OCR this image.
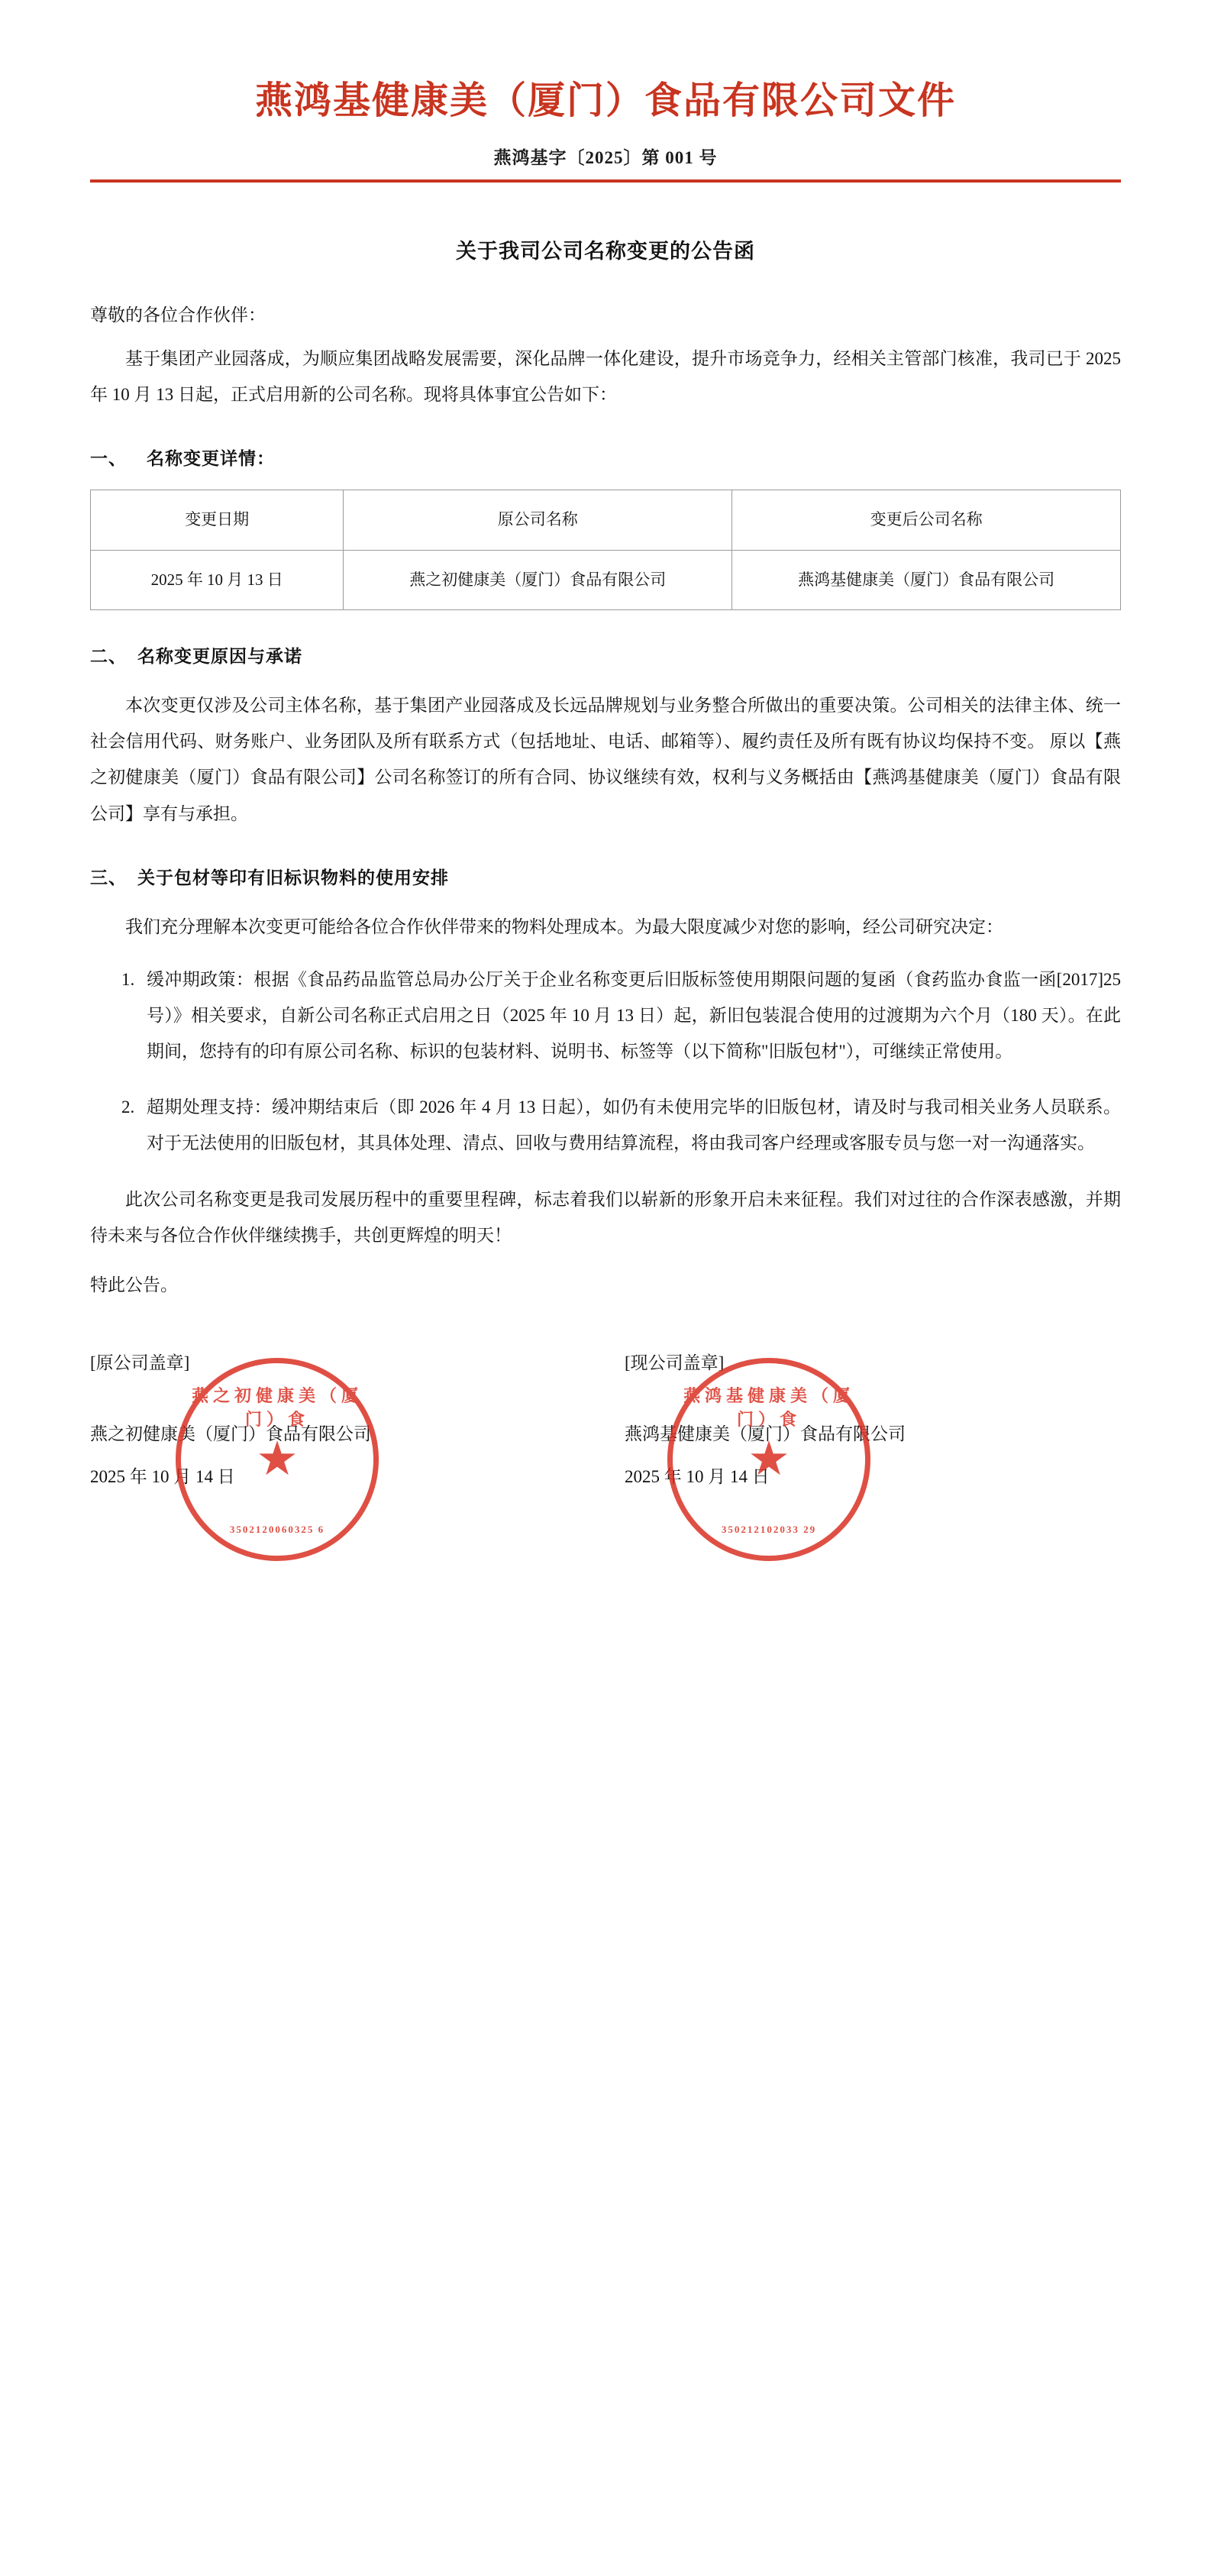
燕鸿基健康美（厦门）食品有限公司文件
燕鸿基字〔2025〕第 001 号
关于我司公司名称变更的公告函

尊敬的各位合作伙伴：

基于集团产业园落成，为顺应集团战略发展需要，深化品牌一体化建设，提升市场竞争力，经相关主管部门核准，我司已于 2025 年 10 月 13 日起，正式启用新的公司名称。现将具体事宜公告如下：

一、 名称变更详情：
变更日期	原公司名称	变更后公司名称
2025 年 10 月 13 日	燕之初健康美（厦门）食品有限公司	燕鸿基健康美（厦门）食品有限公司
二、 名称变更原因与承诺

本次变更仅涉及公司主体名称，基于集团产业园落成及长远品牌规划与业务整合所做出的重要决策。公司相关的法律主体、统一社会信用代码、财务账户、业务团队及所有联系方式（包括地址、电话、邮箱等）、履约责任及所有既有协议均保持不变。 原以【燕之初健康美（厦门）食品有限公司】公司名称签订的所有合同、协议继续有效，权利与义务概括由【燕鸿基健康美（厦门）食品有限公司】享有与承担。

三、 关于包材等印有旧标识物料的使用安排

我们充分理解本次变更可能给各位合作伙伴带来的物料处理成本。为最大限度减少对您的影响，经公司研究决定：

1. 缓冲期政策：根据《食品药品监管总局办公厅关于企业名称变更后旧版标签使用期限问题的复函（食药监办食监一函[2017]25 号）》相关要求，自新公司名称正式启用之日（2025 年 10 月 13 日）起，新旧包装混合使用的过渡期为六个月（180 天）。在此期间，您持有的印有原公司名称、标识的包装材料、说明书、标签等（以下简称"旧版包材"），可继续正常使用。
2. 超期处理支持：缓冲期结束后（即 2026 年 4 月 13 日起），如仍有未使用完毕的旧版包材，请及时与我司相关业务人员联系。对于无法使用的旧版包材，其具体处理、清点、回收与费用结算流程，将由我司客户经理或客服专员与您一对一沟通落实。

此次公司名称变更是我司发展历程中的重要里程碑，标志着我们以崭新的形象开启未来征程。我们对过往的合作深表感激，并期待未来与各位合作伙伴继续携手，共创更辉煌的明天！

特此公告。

[原公司盖章]
燕之初健康美（厦门）食品有限公司
2025 年 10 月 14 日
[现公司盖章]
燕鸿基健康美（厦门）食品有限公司
2025 年 10 月 14 日
燕之初健康美（厦门）食
★
3502120060325 6
燕鸿基健康美（厦门）食
★
350212102033 29
